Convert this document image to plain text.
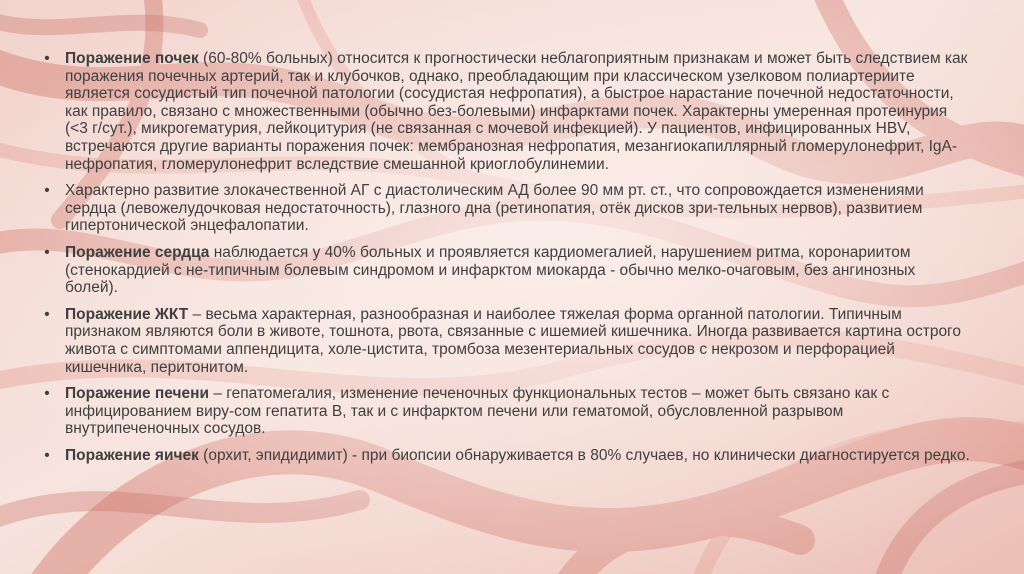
• Поражение почек (60-80% больных) относится к прогностически неблагоприятным признакам и может быть следствием как поражения почечных артерий, так и клубочков, однако, преобладающим при классическом узелковом полиартериите является сосудистый тип почечной патологии (сосудистая нефропатия), а быстрое нарастание почечной недостаточности, как правило, связано с множественными (обычно без-болевыми) инфарктами почек. Характерны умеренная протеинурия (<3 г/сут.), микрогематурия, лейкоцитурия (не связанная с мочевой инфекцией). У пациентов, инфицированных HBV, встречаются другие варианты поражения почек: мембранозная нефропатия, мезангиокапиллярный гломерулонефрит, IgA-нефропатия, гломерулонефрит вследствие смешанной криоглобулинемии.
• Характерно развитие злокачественной АГ с диастолическим АД более 90 мм рт. ст., что сопровождается изменениями сердца (левожелудочковая недостаточность), глазного дна (ретинопатия, отёк дисков зри-тельных нервов), развитием гипертонической энцефалопатии.
• Поражение сердца наблюдается у 40% больных и проявляется кардиомегалией, нарушением ритма, коронариитом (стенокардией с не-типичным болевым синдромом и инфарктом миокарда - обычно мелко-очаговым, без ангинозных болей).
• Поражение ЖКТ – весьма характерная, разнообразная и наиболее тяжелая форма органной патологии. Типичным признаком являются боли в животе, тошнота, рвота, связанные с ишемией кишечника. Иногда развивается картина острого живота с симптомами аппендицита, холе-цистита, тромбоза мезентериальных сосудов с некрозом и перфорацией кишечника, перитонитом.
• Поражение печени – гепатомегалия, изменение печеночных функциональных тестов – может быть связано как с инфицированием виру-сом гепатита В, так и с инфарктом печени или гематомой, обусловленной разрывом внутрипеченочных сосудов.
• Поражение яичек (орхит, эпидидимит) - при биопсии обнаруживается в 80% случаев, но клинически диагностируется редко.
